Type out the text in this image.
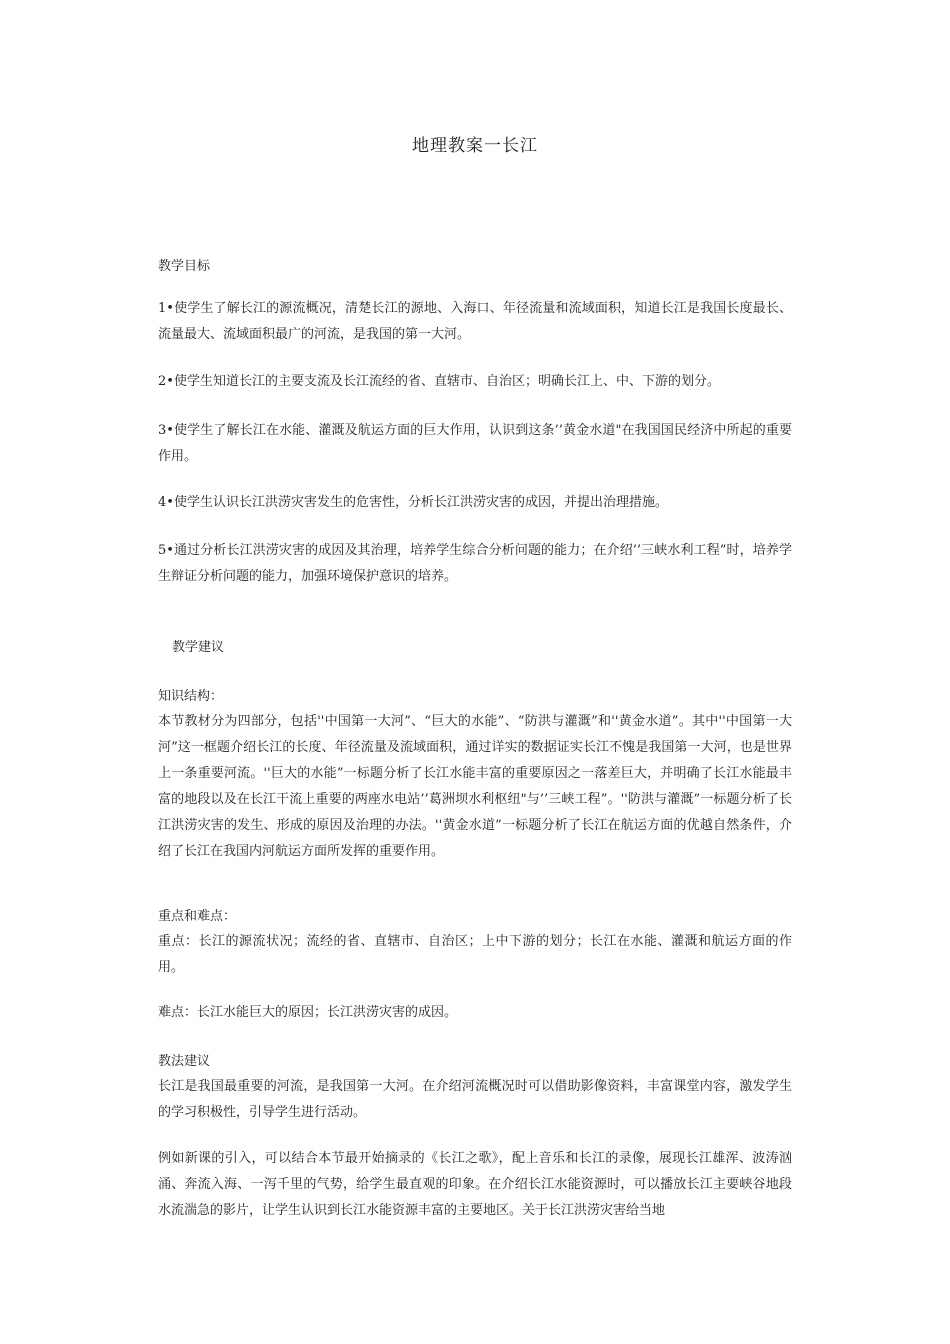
地理教案一长江
教学目标
1•使学生了解长江的源流概况，清楚长江的源地、入海口、年径流量和流域面积，知道长江是我国长度最长、流量最大、流域面积最广的河流，是我国的第一大河。
2•使学生知道长江的主要支流及长江流经的省、直辖市、自治区；明确长江上、中、下游的划分。
3•使学生了解长江在水能、灌溉及航运方面的巨大作用，认识到这条’’黄金水道"在我国国民经济中所起的重要作用。
4•使学生认识长江洪涝灾害发生的危害性，分析长江洪涝灾害的成因，并提出治理措施。
5•通过分析长江洪涝灾害的成因及其治理，培养学生综合分析问题的能力；在介绍’’三峡水利工程”时，培养学生辩证分析问题的能力，加强环境保护意识的培养。
教学建议
知识结构：
本节教材分为四部分，包括''中国第一大河”、“巨大的水能”、“防洪与灌溉”和''黄金水道”。其中''中国第一大河”这一框题介绍长江的长度、年径流量及流域面积，通过详实的数据证实长江不愧是我国第一大河，也是世界上一条重要河流。''巨大的水能”一标题分析了长江水能丰富的重要原因之一落差巨大，并明确了长江水能最丰富的地段以及在长江干流上重要的两座水电站’’葛洲坝水利枢纽"与’’三峡工程”。''防洪与灌溉”一标题分析了长江洪涝灾害的发生、形成的原因及治理的办法。''黄金水道”一标题分析了长江在航运方面的优越自然条件，介绍了长江在我国内河航运方面所发挥的重要作用。
重点和难点：
重点：长江的源流状况；流经的省、直辖市、自治区；上中下游的划分；长江在水能、灌溉和航运方面的作用。
难点：长江水能巨大的原因；长江洪涝灾害的成因。
教法建议
长江是我国最重要的河流，是我国第一大河。在介绍河流概况时可以借助影像资料，丰富课堂内容，激发学生的学习积极性，引导学生进行活动。
例如新课的引入，可以结合本节最开始摘录的《长江之歌》，配上音乐和长江的录像，展现长江雄浑、波涛汹涌、奔流入海、一泻千里的气势，给学生最直观的印象。在介绍长江水能资源时，可以播放长江主要峡谷地段水流湍急的影片，让学生认识到长江水能资源丰富的主要地区。关于长江洪涝灾害给当地
